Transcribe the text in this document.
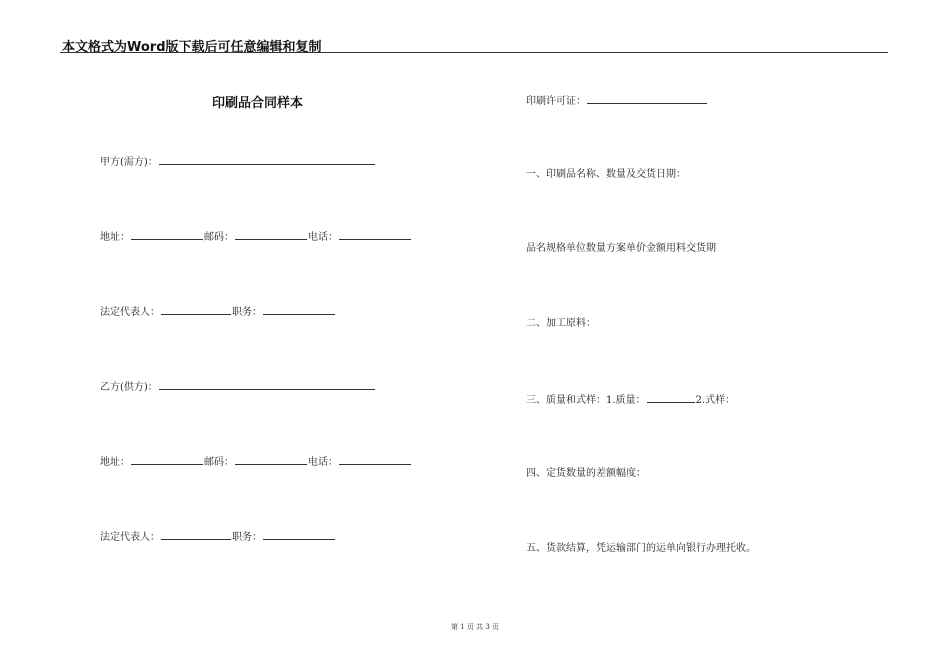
本文格式为Word版下载后可任意编辑和复制
印刷品合同样本
甲方(需方)：
地址：	邮码：	电话：
法定代表人：	职务：
乙方(供方)：
地址：	邮码：	电话：
法定代表人：	职务：
印刷许可证：
一、印刷品名称、数量及交货日期：
品名规格单位数量方案单价金额用料交货期
二、加工原料：
三、质量和式样：1.质量：	2.式样：
四、定货数量的差额幅度：
五、货款结算，凭运输部门的运单向银行办理托收。
第 1 页 共 3 页
